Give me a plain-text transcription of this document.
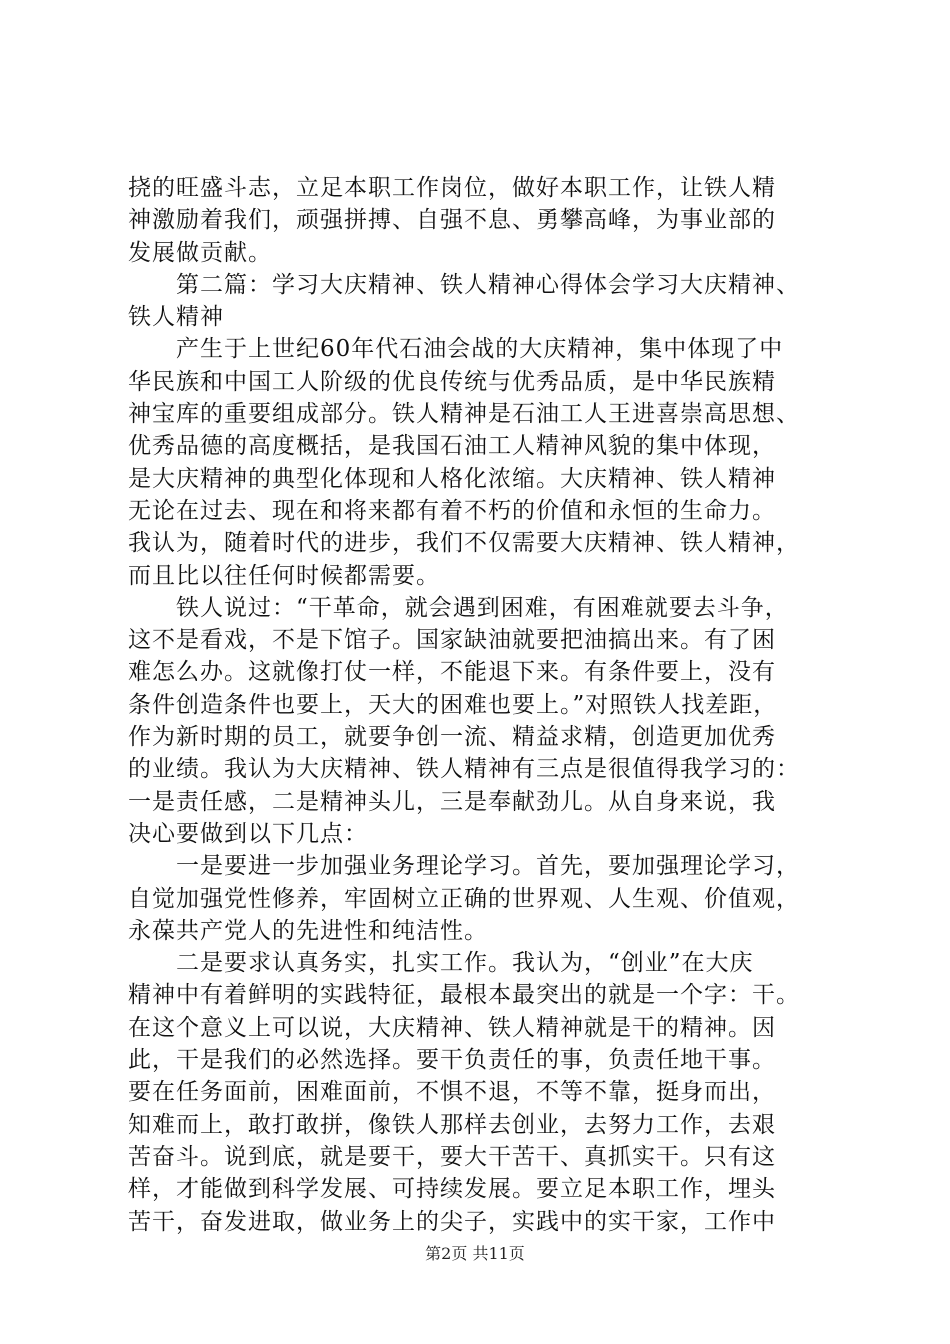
挠的旺盛斗志，立足本职工作岗位，做好本职工作，让铁人精
神激励着我们，顽强拼搏、自强不息、勇攀高峰，为事业部的
发展做贡献。
　　第二篇：学习大庆精神、铁人精神心得体会学习大庆精神、
铁人精神
　　产生于上世纪60年代石油会战的大庆精神，集中体现了中
华民族和中国工人阶级的优良传统与优秀品质，是中华民族精
神宝库的重要组成部分。铁人精神是石油工人王进喜崇高思想、
优秀品德的高度概括，是我国石油工人精神风貌的集中体现，
是大庆精神的典型化体现和人格化浓缩。大庆精神、铁人精神
无论在过去、现在和将来都有着不朽的价值和永恒的生命力。
我认为，随着时代的进步，我们不仅需要大庆精神、铁人精神，
而且比以往任何时候都需要。
　　铁人说过：“干革命，就会遇到困难，有困难就要去斗争，
这不是看戏，不是下馆子。国家缺油就要把油搞出来。有了困
难怎么办。这就像打仗一样，不能退下来。有条件要上，没有
条件创造条件也要上，天大的困难也要上。”对照铁人找差距，
作为新时期的员工，就要争创一流、精益求精，创造更加优秀
的业绩。我认为大庆精神、铁人精神有三点是很值得我学习的：
一是责任感，二是精神头儿，三是奉献劲儿。从自身来说，我
决心要做到以下几点：
　　一是要进一步加强业务理论学习。首先，要加强理论学习，
自觉加强党性修养，牢固树立正确的世界观、人生观、价值观，
永葆共产党人的先进性和纯洁性。
　　二是要求认真务实，扎实工作。我认为，“创业”在大庆
精神中有着鲜明的实践特征，最根本最突出的就是一个字：干。
在这个意义上可以说，大庆精神、铁人精神就是干的精神。因
此，干是我们的必然选择。要干负责任的事，负责任地干事。
要在任务面前，困难面前，不惧不退，不等不靠，挺身而出，
知难而上，敢打敢拼，像铁人那样去创业，去努力工作，去艰
苦奋斗。说到底，就是要干，要大干苦干、真抓实干。只有这
样，才能做到科学发展、可持续发展。要立足本职工作，埋头
苦干，奋发进取，做业务上的尖子，实践中的实干家，工作中
第2页 共11页
